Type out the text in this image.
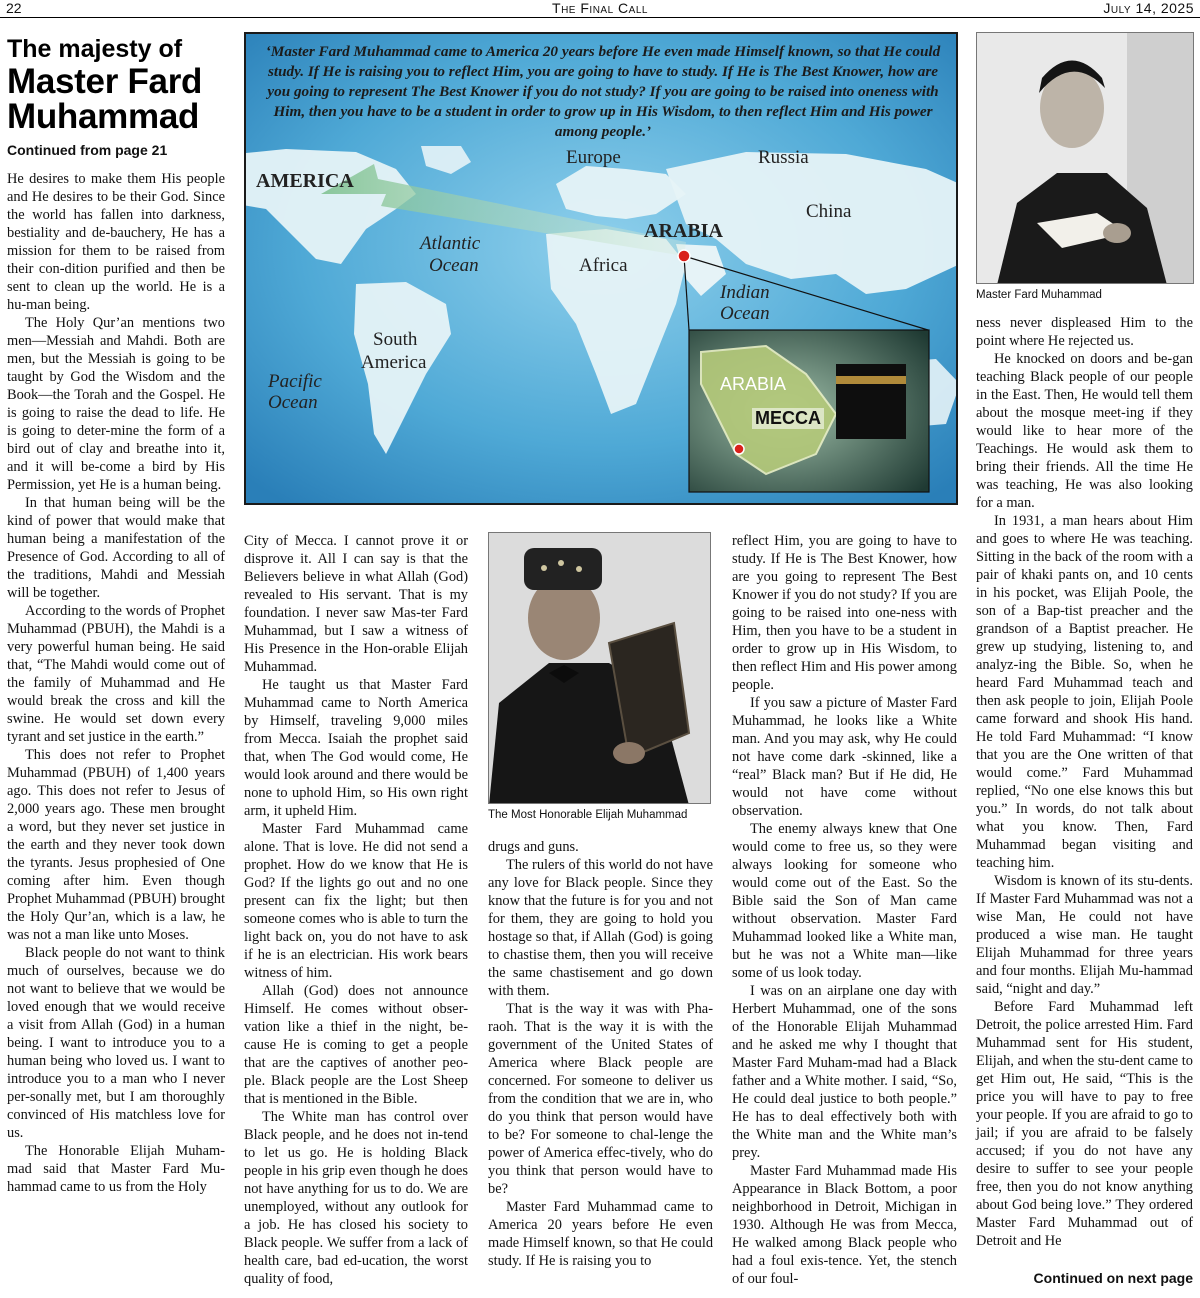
22	The Final Call	July 14, 2025
The majesty of
Master Fard
Muhammad
Continued from page 21
‘Master Fard Muhammad came to America 20 years before He even made Himself known, so that He could study. If He is raising you to reflect Him, you are going to have to study. If He is The Best Knower, how are you going to represent The Best Knower if you do not study? If you are going to be raised into oneness with Him, then you have to be a student in order to grow up in His Wisdom, to then reflect Him and His power among people.’
AMERICA
Europe	Russia
China
ARABIA
Atlantic
Ocean	Africa
Indian
Ocean
South
America
Pacific
Ocean
ARABIA
MECCA
Master Fard Muhammad
The Most Honorable Elijah Muhammad

He desires to make them His people and He desires to be their God. Since the world has fallen into darkness, bestiality and de-bauchery, He has a mission for them to be raised from their con-dition purified and then be sent to clean up the world. He is a hu-man being.

The Holy Qur’an mentions two men—Messiah and Mahdi. Both are men, but the Messiah is going to be taught by God the Wisdom and the Book—the Torah and the Gospel. He is going to raise the dead to life. He is going to deter-mine the form of a bird out of clay and breathe into it, and it will be-come a bird by His Permission, yet He is a human being.

In that human being will be the kind of power that would make that human being a manifestation of the Presence of God. According to all of the traditions, Mahdi and Messiah will be together.

According to the words of Prophet Muhammad (PBUH), the Mahdi is a very powerful human being. He said that, “The Mahdi would come out of the family of Muhammad and He would break the cross and kill the swine. He would set down every tyrant and set justice in the earth.”

This does not refer to Prophet Muhammad (PBUH) of 1,400 years ago. This does not refer to Jesus of 2,000 years ago. These men brought a word, but they never set justice in the earth and they never took down the tyrants. Jesus prophesied of One coming after him. Even though Prophet Muhammad (PBUH) brought the Holy Qur’an, which is a law, he was not a man like unto Moses.

Black people do not want to think much of ourselves, because we do not want to believe that we would be loved enough that we would receive a visit from Allah (God) in a human being. I want to introduce you to a human being who loved us. I want to introduce you to a man who I never per-sonally met, but I am thoroughly convinced of His matchless love for us.

The Honorable Elijah Muham-mad said that Master Fard Mu-hammad came to us from the Holy

City of Mecca. I cannot prove it or disprove it. All I can say is that the Believers believe in what Allah (God) revealed to His servant. That is my foundation. I never saw Mas-ter Fard Muhammad, but I saw a witness of His Presence in the Hon-orable Elijah Muhammad.

He taught us that Master Fard Muhammad came to North America by Himself, traveling 9,000 miles from Mecca. Isaiah the prophet said that, when The God would come, He would look around and there would be none to uphold Him, so His own right arm, it upheld Him.

Master Fard Muhammad came alone. That is love. He did not send a prophet. How do we know that He is God? If the lights go out and no one present can fix the light; but then someone comes who is able to turn the light back on, you do not have to ask if he is an electrician. His work bears witness of him.

Allah (God) does not announce Himself. He comes without obser-vation like a thief in the night, be-cause He is coming to get a people that are the captives of another peo-ple. Black people are the Lost Sheep that is mentioned in the Bible.

The White man has control over Black people, and he does not in-tend to let us go. He is holding Black people in his grip even though he does not have anything for us to do. We are unemployed, without any outlook for a job. He has closed his society to Black people. We suffer from a lack of health care, bad ed-ucation, the worst quality of food,

drugs and guns.

The rulers of this world do not have any love for Black people. Since they know that the future is for you and not for them, they are going to hold you hostage so that, if Allah (God) is going to chastise them, then you will receive the same chastisement and go down with them.

That is the way it was with Pha-raoh. That is the way it is with the government of the United States of America where Black people are concerned. For someone to deliver us from the condition that we are in, who do you think that person would have to be? For someone to chal-lenge the power of America effec-tively, who do you think that person would have to be?

Master Fard Muhammad came to America 20 years before He even made Himself known, so that He could study. If He is raising you to

reflect Him, you are going to have to study. If He is The Best Knower, how are you going to represent The Best Knower if you do not study? If you are going to be raised into one-ness with Him, then you have to be a student in order to grow up in His Wisdom, to then reflect Him and His power among people.

If you saw a picture of Master Fard Muhammad, he looks like a White man. And you may ask, why He could not have come dark -skinned, like a “real” Black man? But if He did, He would not have come without observation.

The enemy always knew that One would come to free us, so they were always looking for someone who would come out of the East. So the Bible said the Son of Man came without observation. Master Fard Muhammad looked like a White man, but he was not a White man—like some of us look today.

I was on an airplane one day with Herbert Muhammad, one of the sons of the Honorable Elijah Muhammad and he asked me why I thought that Master Fard Muham-mad had a Black father and a White mother. I said, “So, He could deal justice to both people.” He has to deal effectively both with the White man and the White man’s prey.

Master Fard Muhammad made His Appearance in Black Bottom, a poor neighborhood in Detroit, Michigan in 1930. Although He was from Mecca, He walked among Black people who had a foul exis-tence. Yet, the stench of our foul-

ness never displeased Him to the point where He rejected us.

He knocked on doors and be-gan teaching Black people of our people in the East. Then, He would tell them about the mosque meet-ing if they would like to hear more of the Teachings. He would ask them to bring their friends. All the time He was teaching, He was also looking for a man.

In 1931, a man hears about Him and goes to where He was teaching. Sitting in the back of the room with a pair of khaki pants on, and 10 cents in his pocket, was Elijah Poole, the son of a Bap-tist preacher and the grandson of a Baptist preacher. He grew up studying, listening to, and analyz-ing the Bible. So, when he heard Fard Muhammad teach and then ask people to join, Elijah Poole came forward and shook His hand. He told Fard Muhammad: “I know that you are the One written of that would come.” Fard Muhammad replied, “No one else knows this but you.” In words, do not talk about what you know. Then, Fard Muhammad began visiting and teaching him.

Wisdom is known of its stu-dents. If Master Fard Muhammad was not a wise Man, He could not have produced a wise man. He taught Elijah Muhammad for three years and four months. Elijah Mu-hammad said, “night and day.”

Before Fard Muhammad left Detroit, the police arrested Him. Fard Muhammad sent for His student, Elijah, and when the stu-dent came to get Him out, He said, “This is the price you will have to pay to free your people. If you are afraid to go to jail; if you are afraid to be falsely accused; if you do not have any desire to suffer to see your people free, then you do not know anything about God being love.” They ordered Master Fard Muhammad out of Detroit and He

Continued on next page
